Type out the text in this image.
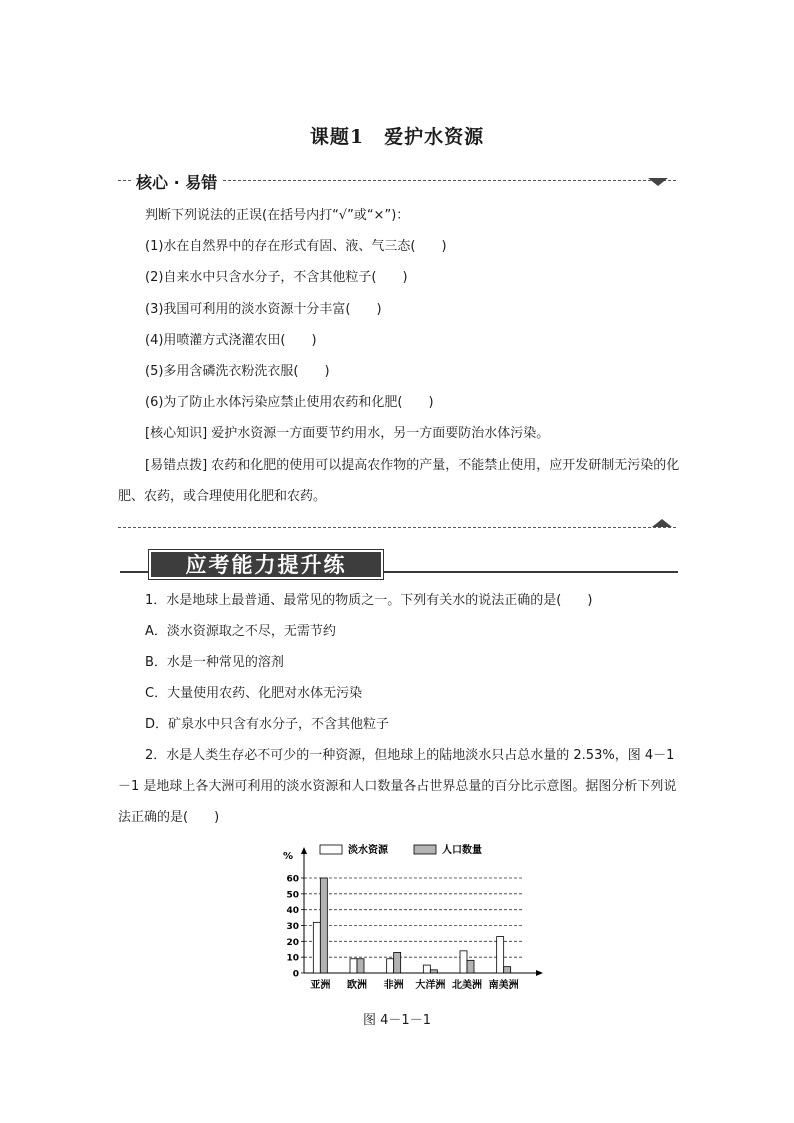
课题1　爱护水资源
核心 · 易错
判断下列说法的正误(在括号内打“√”或“×”)：
(1)水在自然界中的存在形式有固、液、气三态(　　)
(2)自来水中只含水分子，不含其他粒子(　　)
(3)我国可利用的淡水资源十分丰富(　　)
(4)用喷灌方式浇灌农田(　　)
(5)多用含磷洗衣粉洗衣服(　　)
(6)为了防止水体污染应禁止使用农药和化肥(　　)
[核心知识] 爱护水资源一方面要节约用水，另一方面要防治水体污染。
[易错点拨] 农药和化肥的使用可以提高农作物的产量，不能禁止使用，应开发研制无污染的化肥、农药，或合理使用化肥和农药。
应考能力提升练
1．水是地球上最普通、最常见的物质之一。下列有关水的说法正确的是(　　)
A．淡水资源取之不尽，无需节约
B．水是一种常见的溶剂
C．大量使用农药、化肥对水体无污染
D．矿泉水中只含有水分子，不含其他粒子
2．水是人类生存必不可少的一种资源，但地球上的陆地淡水只占总水量的 2.53%，图 4－1－1 是地球上各大洲可利用的淡水资源和人口数量各占世界总量的百分比示意图。据图分析下列说法正确的是(　　)
%
0
10
20
30
40
50
60
亚洲 欧洲 非洲 大洋洲 北美洲 南美洲
淡水资源	人口数量
图 4－1－1
